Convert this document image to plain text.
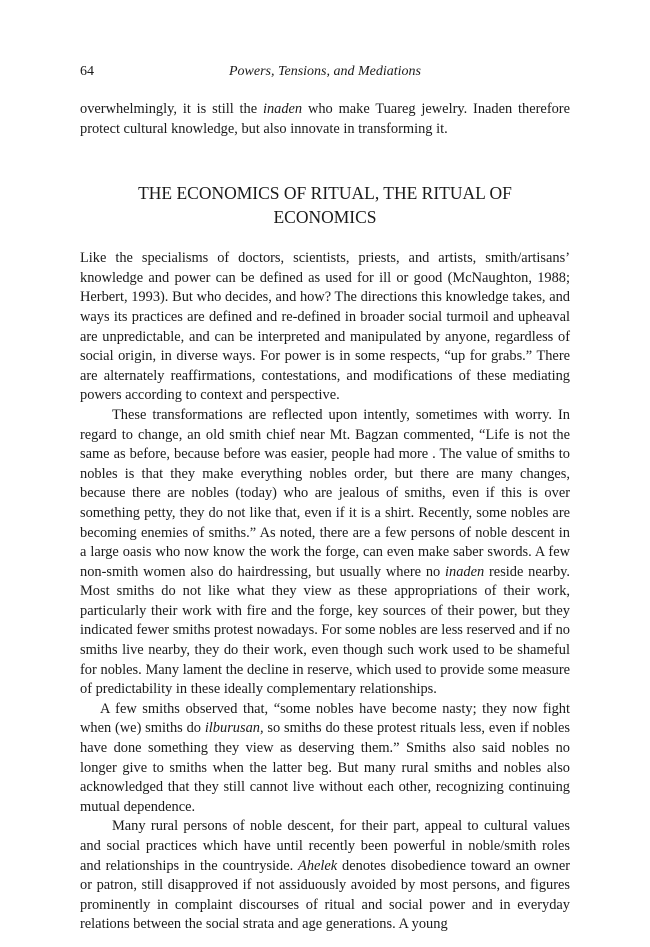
64	Powers, Tensions, and Mediations

overwhelmingly, it is still the inaden who make Tuareg jewelry. Inaden therefore protect cultural knowledge, but also innovate in transforming it.

THE ECONOMICS OF RITUAL, THE RITUAL OF
ECONOMICS

Like the specialisms of doctors, scientists, priests, and artists, smith/artisans’ knowledge and power can be defined as used for ill or good (McNaughton, 1988; Herbert, 1993). But who decides, and how? The directions this knowledge takes, and ways its practices are defined and re-defined in broader social turmoil and upheaval are unpredictable, and can be interpreted and manipulated by anyone, regardless of social origin, in diverse ways. For power is in some respects, “up for grabs.” There are alternately reaffirmations, contestations, and modifications of these mediating powers according to context and perspective.

These transformations are reflected upon intently, sometimes with worry. In regard to change, an old smith chief near Mt. Bagzan commented, “Life is not the same as before, because before was easier, people had more . The value of smiths to nobles is that they make everything nobles order, but there are many changes, because there are nobles (today) who are jealous of smiths, even if this is over something petty, they do not like that, even if it is a shirt. Recently, some nobles are becoming enemies of smiths.” As noted, there are a few persons of noble descent in a large oasis who now know the work the forge, can even make saber swords. A few non-smith women also do hairdressing, but usually where no inaden reside nearby. Most smiths do not like what they view as these appropriations of their work, particularly their work with fire and the forge, key sources of their power, but they indicated fewer smiths protest nowadays. For some nobles are less reserved and if no smiths live nearby, they do their work, even though such work used to be shameful for nobles. Many lament the decline in reserve, which used to provide some measure of predictability in these ideally complementary relationships.

A few smiths observed that, “some nobles have become nasty; they now fight when (we) smiths do ilburusan, so smiths do these protest rituals less, even if nobles have done something they view as deserving them.” Smiths also said nobles no longer give to smiths when the latter beg. But many rural smiths and nobles also acknowledged that they still cannot live without each other, recognizing continuing mutual dependence.

Many rural persons of noble descent, for their part, appeal to cultural values and social practices which have until recently been powerful in noble/smith roles and relationships in the countryside. Ahelek denotes disobedience toward an owner or patron, still disapproved if not assiduously avoided by most persons, and figures prominently in complaint discourses of ritual and social power and in everyday relations between the social strata and age generations. A young
